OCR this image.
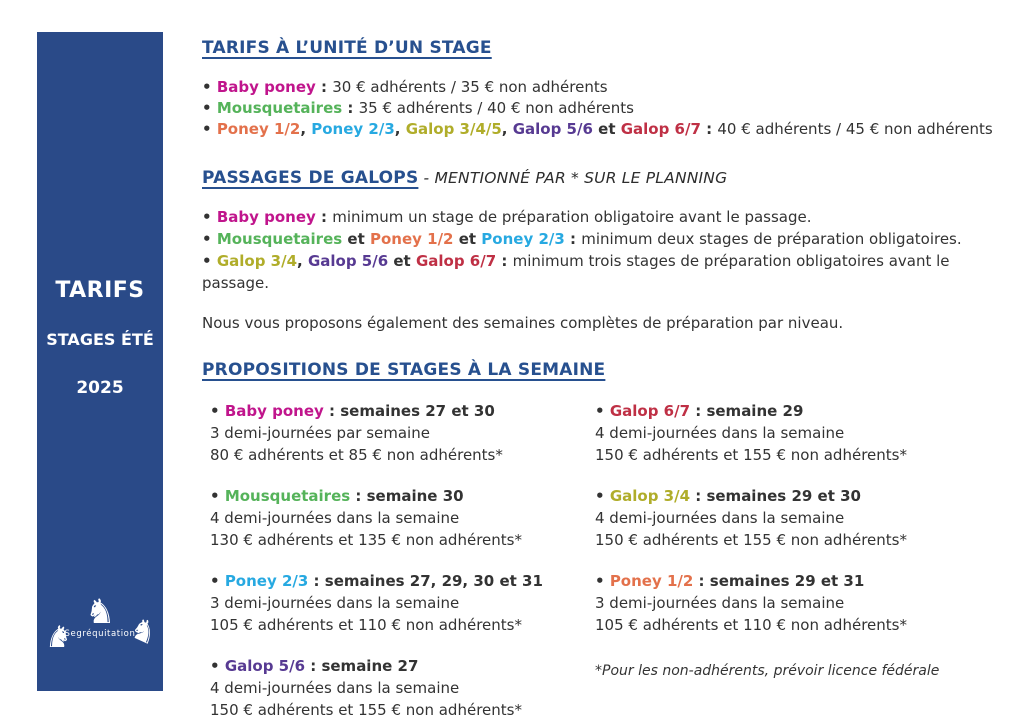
TARIFS
STAGES ÉTÉ
2025
♞
♞ ♞
Segréquitation
TARIFS À L’UNITÉ D’UN STAGE
• Baby poney : 30 € adhérents / 35 € non adhérents
• Mousquetaires : 35 € adhérents / 40 € non adhérents
• Poney 1/2, Poney 2/3, Galop 3/4/5, Galop 5/6 et Galop 6/7 : 40 € adhérents / 45 € non adhérents
PASSAGES DE GALOPS - MENTIONNÉ PAR * SUR LE PLANNING
• Baby poney : minimum un stage de préparation obligatoire avant le passage.
• Mousquetaires et Poney 1/2 et Poney 2/3 : minimum deux stages de préparation obligatoires.
• Galop 3/4, Galop 5/6 et Galop 6/7 : minimum trois stages de préparation obligatoires avant le passage.

Nous vous proposons également des semaines complètes de préparation par niveau.

PROPOSITIONS DE STAGES À LA SEMAINE
• Baby poney : semaines 27 et 30
3 demi-journées par semaine
80 € adhérents et 85 € non adhérents*
• Mousquetaires : semaine 30
4 demi-journées dans la semaine
130 € adhérents et 135 € non adhérents*
• Poney 2/3 : semaines 27, 29, 30 et 31
3 demi-journées dans la semaine
105 € adhérents et 110 € non adhérents*
• Galop 5/6 : semaine 27
4 demi-journées dans la semaine
150 € adhérents et 155 € non adhérents*
• Galop 6/7 : semaine 29
4 demi-journées dans la semaine
150 € adhérents et 155 € non adhérents*
• Galop 3/4 : semaines 29 et 30
4 demi-journées dans la semaine
150 € adhérents et 155 € non adhérents*
• Poney 1/2 : semaines 29 et 31
3 demi-journées dans la semaine
105 € adhérents et 110 € non adhérents*
*Pour les non-adhérents, prévoir licence fédérale
